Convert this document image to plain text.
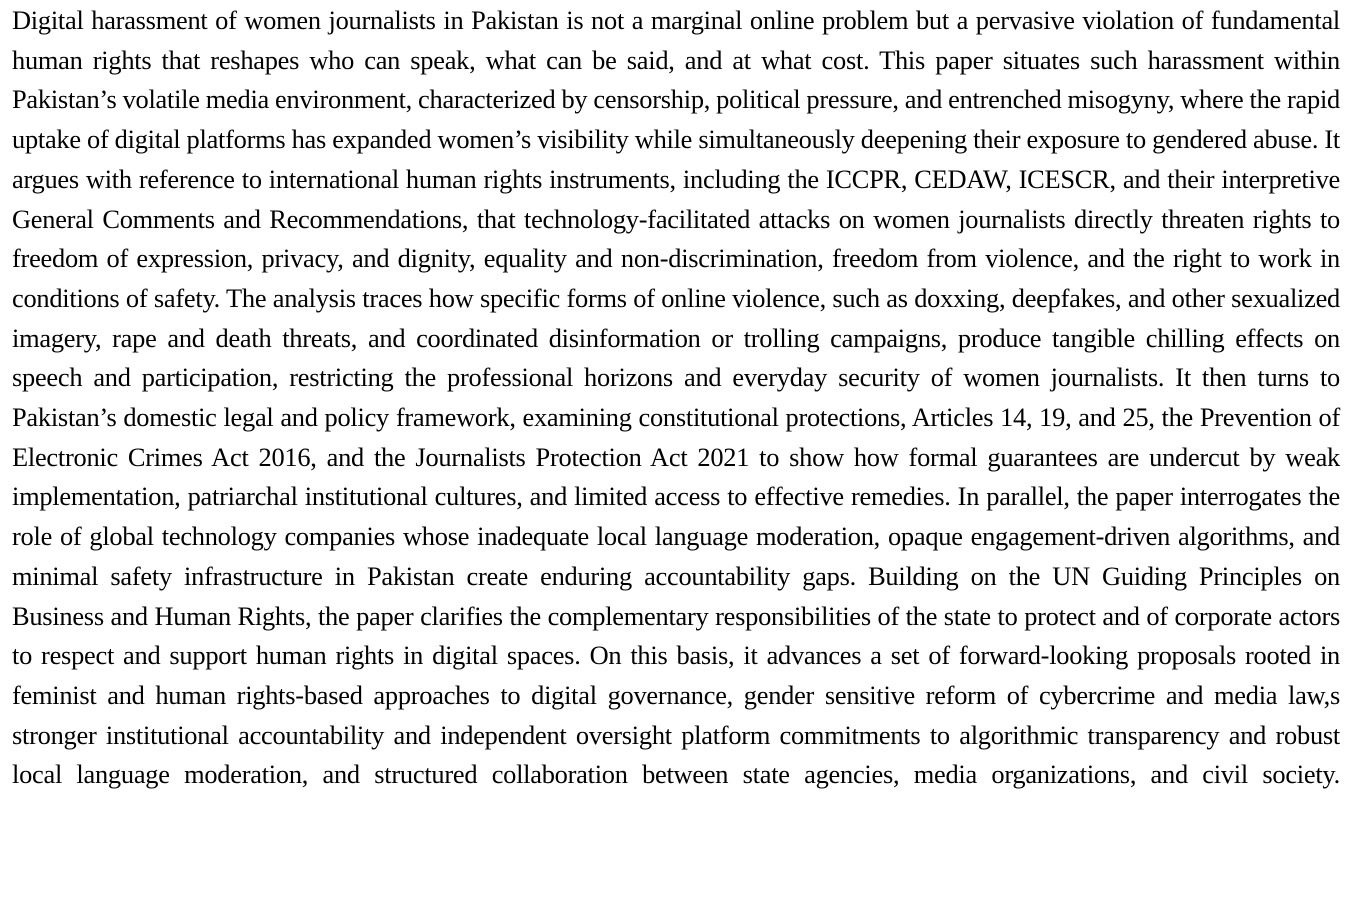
Digital harassment of women journalists in Pakistan is not a marginal online problem but a pervasive violation of fundamental human rights that reshapes who can speak, what can be said, and at what cost. This paper situates such harassment within Pakistan’s volatile media environment, characterized by censorship, political pressure, and entrenched misogyny, where the rapid uptake of digital platforms has expanded women’s visibility while simultaneously deepening their exposure to gendered abuse. It argues with reference to international human rights instruments, including the ICCPR, CEDAW, ICESCR, and their interpretive General Comments and Recommendations, that technology-facilitated attacks on women journalists directly threaten rights to freedom of expression, privacy, and dignity, equality and non-discrimination, freedom from violence, and the right to work in conditions of safety. The analysis traces how specific forms of online violence, such as doxxing, deepfakes, and other sexualized imagery, rape and death threats, and coordinated disinformation or trolling campaigns, produce tangible chilling effects on speech and participation, restricting the professional horizons and everyday security of women journalists. It then turns to Pakistan’s domestic legal and policy framework, examining constitutional protections, Articles 14, 19, and 25, the Prevention of Electronic Crimes Act 2016, and the Journalists Protection Act 2021 to show how formal guarantees are undercut by weak implementation, patriarchal institutional cultures, and limited access to effective remedies. In parallel, the paper interrogates the role of global technology companies whose inadequate local language moderation, opaque engagement-driven algorithms, and minimal safety infrastructure in Pakistan create enduring accountability gaps. Building on the UN Guiding Principles on Business and Human Rights, the paper clarifies the complementary responsibilities of the state to protect and of corporate actors to respect and support human rights in digital spaces. On this basis, it advances a set of forward-looking proposals rooted in feminist and human rights-based approaches to digital governance, gender sensitive reform of cybercrime and media law,s stronger institutional accountability and independent oversight platform commitments to algorithmic transparency and robust local language moderation, and structured collaboration between state agencies, media organizations, and civil society.
